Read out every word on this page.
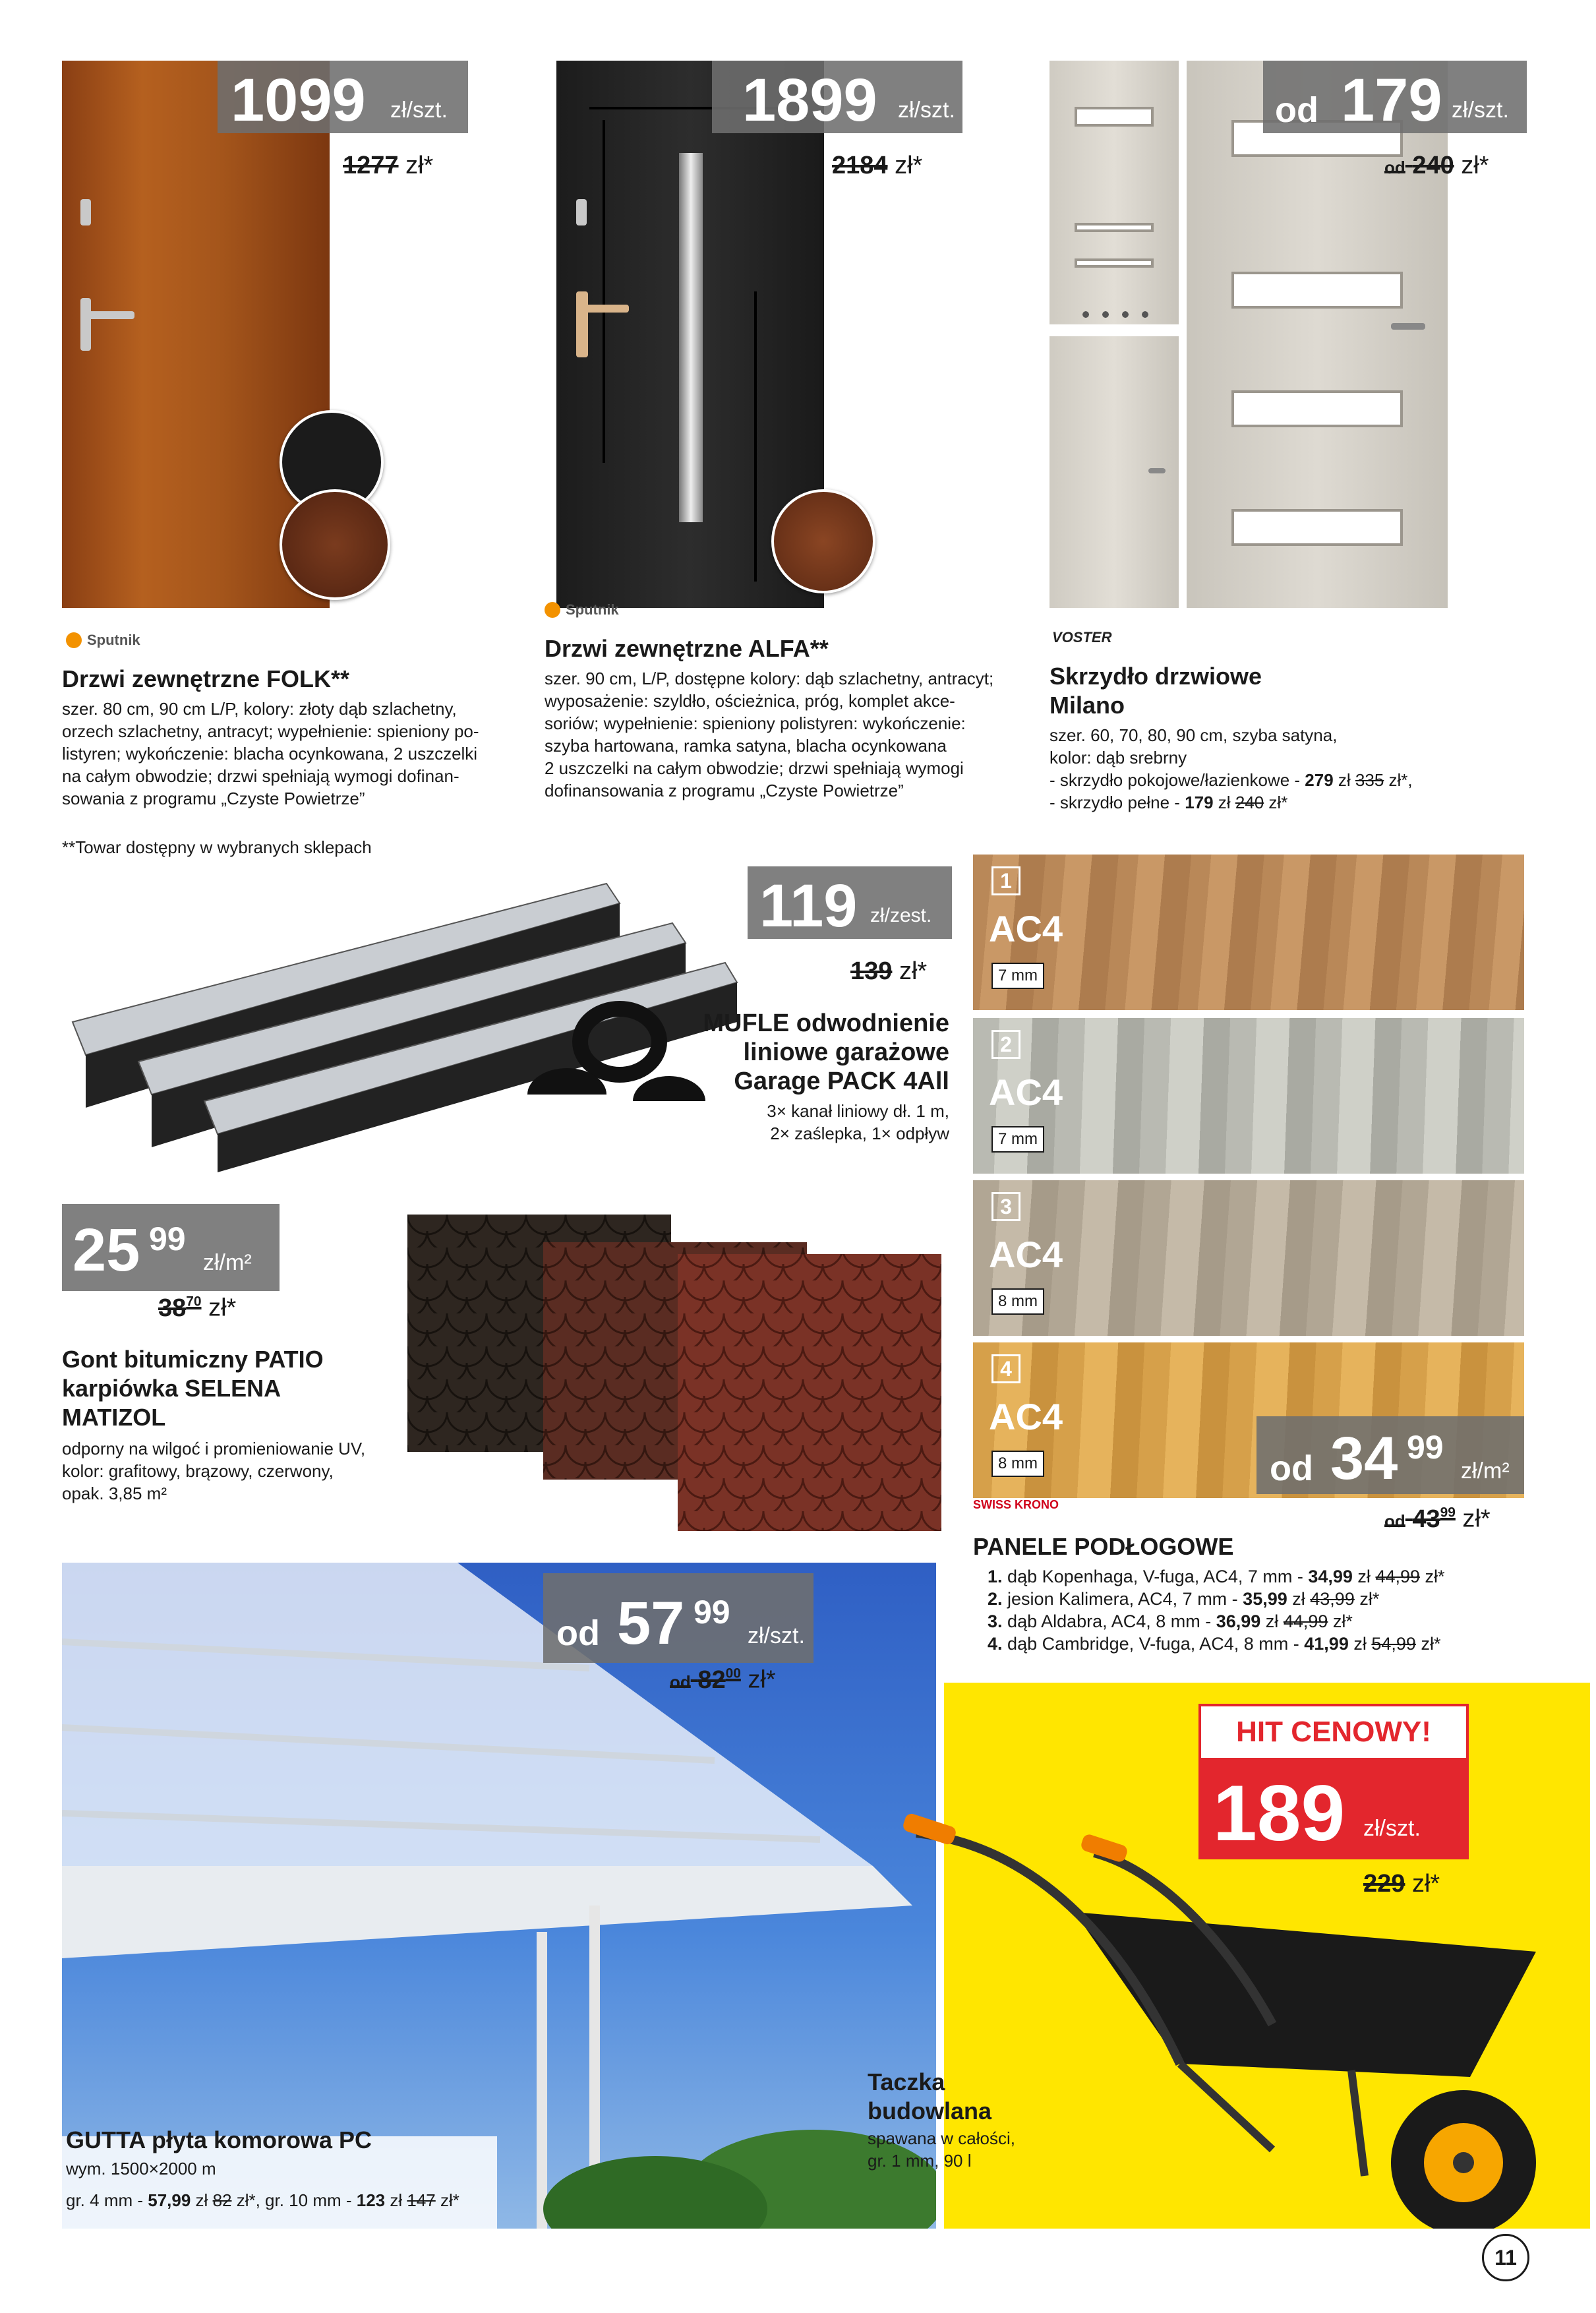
1099 zł/szt.
1277 zł*
Sputnik
Drzwi zewnętrzne FOLK**
szer. 80 cm, 90 cm L/P, kolory: złoty dąb szlachetny,
orzech szlachetny, antracyt; wypełnienie: spieniony po-
listyren; wykończenie: blacha ocynkowana, 2 uszczelki
na całym obwodzie; drzwi spełniają wymogi dofinan-
sowania z programu „Czyste Powietrze”
**Towar dostępny w wybranych sklepach
1899 zł/szt.
2184 zł*
Sputnik
Drzwi zewnętrzne ALFA**
szer. 90 cm, L/P, dostępne kolory: dąb szlachetny, antracyt;
wyposażenie: szyldło, ościeżnica, próg, komplet akce-
soriów; wypełnienie: spieniony polistyren: wykończenie:
szyba hartowana, ramka satyna, blacha ocynkowana
2 uszczelki na całym obwodzie; drzwi spełniają wymogi
dofinansowania z programu „Czyste Powietrze”
od 179 zł/szt.
od 240 zł*
VOSTER
Skrzydło drzwiowe
Milano
szer. 60, 70, 80, 90 cm, szyba satyna,
kolor: dąb srebrny
- skrzydło pokojowe/łazienkowe - 279 zł 335 zł*,
- skrzydło pełne - 179 zł 240 zł*
119 zł/zest.
139 zł*
MUFLE odwodnienie
liniowe garażowe
Garage PACK 4All
3× kanał liniowy dł. 1 m,
2× zaślepka, 1× odpływ
25 99
zł/m²
$38^{70}$ zł*
Gont bitumiczny PATIO
karpiówka SELENA
MATIZOL
odporny na wilgoć i promieniowanie UV,
kolor: grafitowy, brązowy, czerwony,
opak. 3,85 m²
1
AC4
7 mm
2
AC4
7 mm
3
AC4
8 mm
4
AC4
8 mm	od 34 99
zł/m²
od $43^{99}$ zł*
SWISS KRONO
PANELE PODŁOGOWE
1. dąb Kopenhaga, V-fuga, AC4, 7 mm - 34,99 zł 44,99 zł*
2. jesion Kalimera, AC4, 7 mm - 35,99 zł 43,99 zł*
3. dąb Aldabra, AC4, 8 mm - 36,99 zł 44,99 zł*
4. dąb Cambridge, V-fuga, AC4, 8 mm - 41,99 zł 54,99 zł*
od 57 99
zł/szt.
od $82^{00}$ zł*
GUTTA płyta komorowa PC
wym. 1500×2000 m
gr. 4 mm - 57,99 zł 82 zł*, gr. 10 mm - 123 zł 147 zł*
HIT CENOWY!
189 zł/szt.
229 zł*
Taczka
budowlana
spawana w całości,
gr. 1 mm, 90 l
11
